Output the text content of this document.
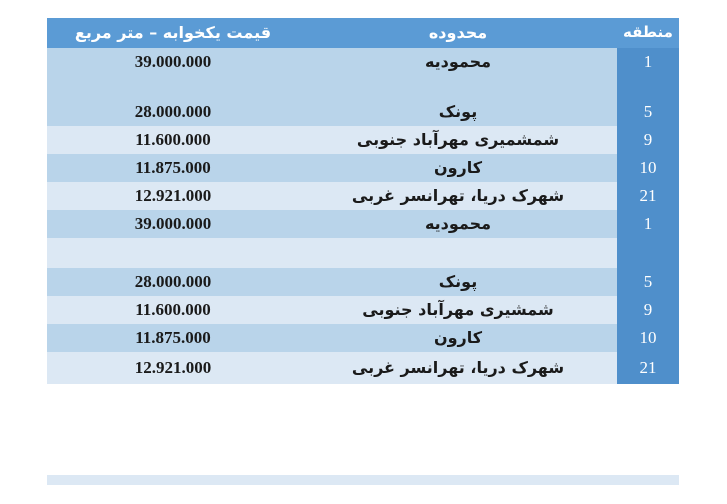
منطقه	محدوده	قیمت یکخوابه – متر مربع
1	محمودیه	39.000.000

5	پونک	28.000.000
9	شمشمیری مهرآباد جنوبی	11.600.000
10	کارون	11.875.000
21	شهرک دریا، تهرانسر غربی	12.921.000
1	محمودیه	39.000.000

5	پونک	28.000.000
9	شمشیری مهرآباد جنوبی	11.600.000
10	کارون	11.875.000
21	شهرک دریا، تهرانسر غربی	12.921.000
